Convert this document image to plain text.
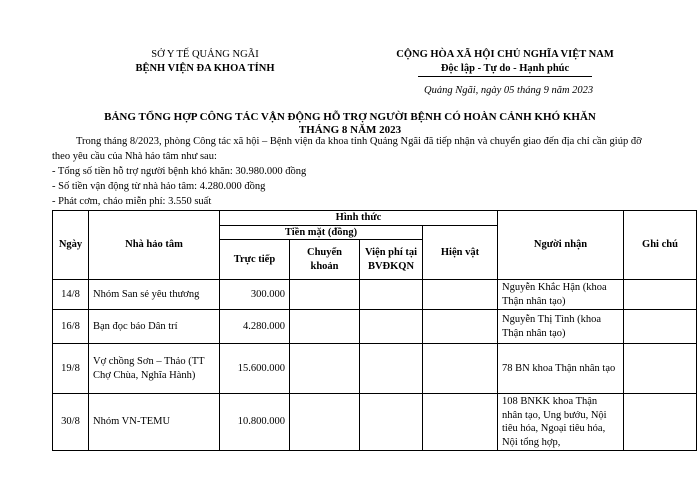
SỞ Y TẾ QUẢNG NGÃI
BỆNH VIỆN ĐA KHOA TỈNH
CỘNG HÒA XÃ HỘI CHỦ NGHĨA VIỆT NAM
Độc lập - Tự do - Hạnh phúc
Quảng Ngãi, ngày 05 tháng 9 năm 2023
BẢNG TỔNG HỢP CÔNG TÁC VẬN ĐỘNG HỖ TRỢ NGƯỜI BỆNH CÓ HOÀN CẢNH KHÓ KHĂN
THÁNG 8 NĂM 2023
Trong tháng 8/2023, phòng Công tác xã hội – Bệnh viện đa khoa tỉnh Quảng Ngãi đã tiếp nhận và chuyển giao đến địa chỉ cần giúp đỡ theo yêu cầu của Nhà hảo tâm như sau:
- Tổng số tiền hỗ trợ người bệnh khó khăn: 30.980.000 đồng
- Số tiền vận động từ nhà hảo tâm: 4.280.000 đồng
- Phát cơm, cháo miễn phí: 3.550 suất
Ngày	Nhà hảo tâm	Hình thức				Người nhận	Ghi chú
		Tiền mặt (đồng)			Hiện vật		
		Trực tiếp	Chuyển khoản	Viện phí tại BVĐKQN			
14/8	Nhóm San sẻ yêu thương	300.000				Nguyễn Khắc Hận (khoa Thận nhân tạo)	
16/8	Bạn đọc báo Dân trí	4.280.000				Nguyễn Thị Tình (khoa Thận nhân tạo)	
19/8	Vợ chồng Sơn – Thảo (TT Chợ Chùa, Nghĩa Hành)	15.600.000				78 BN khoa Thận nhân tạo	
30/8	Nhóm VN-TEMU	10.800.000				108 BNKK khoa Thận nhân tạo, Ung bướu, Nội tiêu hóa, Ngoại tiêu hóa, Nội tổng hợp,	
